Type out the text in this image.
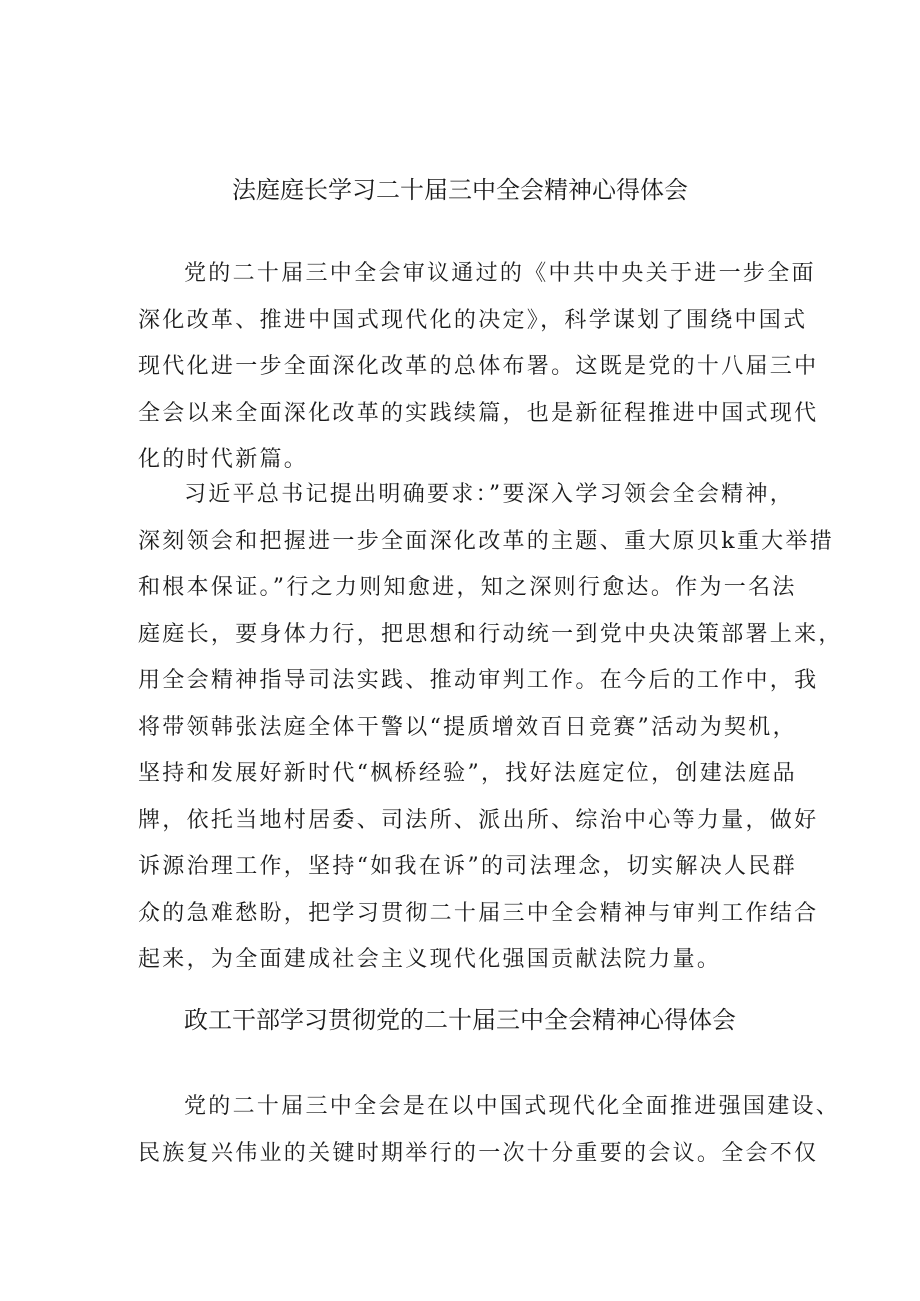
法庭庭长学习二十届三中全会精神心得体会
党的二十届三中全会审议通过的《中共中央关于进一步全面
深化改革、推进中国式现代化的决定》，科学谋划了围绕中国式
现代化进一步全面深化改革的总体布署。这既是党的十八届三中
全会以来全面深化改革的实践续篇，也是新征程推进中国式现代
化的时代新篇。
习近平总书记提出明确要求：”要深入学习领会全会精神，
深刻领会和把握进一步全面深化改革的主题、重大原贝k重大举措
和根本保证。”行之力则知愈进，知之深则行愈达。作为一名法
庭庭长，要身体力行，把思想和行动统一到党中央决策部署上来，
用全会精神指导司法实践、推动审判工作。在今后的工作中，我
将带领韩张法庭全体干警以“提质增效百日竞赛”活动为契机，
坚持和发展好新时代“枫桥经验”，找好法庭定位，创建法庭品
牌，依托当地村居委、司法所、派出所、综治中心等力量，做好
诉源治理工作，坚持“如我在诉”的司法理念，切实解决人民群
众的急难愁盼，把学习贯彻二十届三中全会精神与审判工作结合
起来，为全面建成社会主义现代化强国贡献法院力量。
政工干部学习贯彻党的二十届三中全会精神心得体会
党的二十届三中全会是在以中国式现代化全面推进强国建设、
民族复兴伟业的关键时期举行的一次十分重要的会议。全会不仅
